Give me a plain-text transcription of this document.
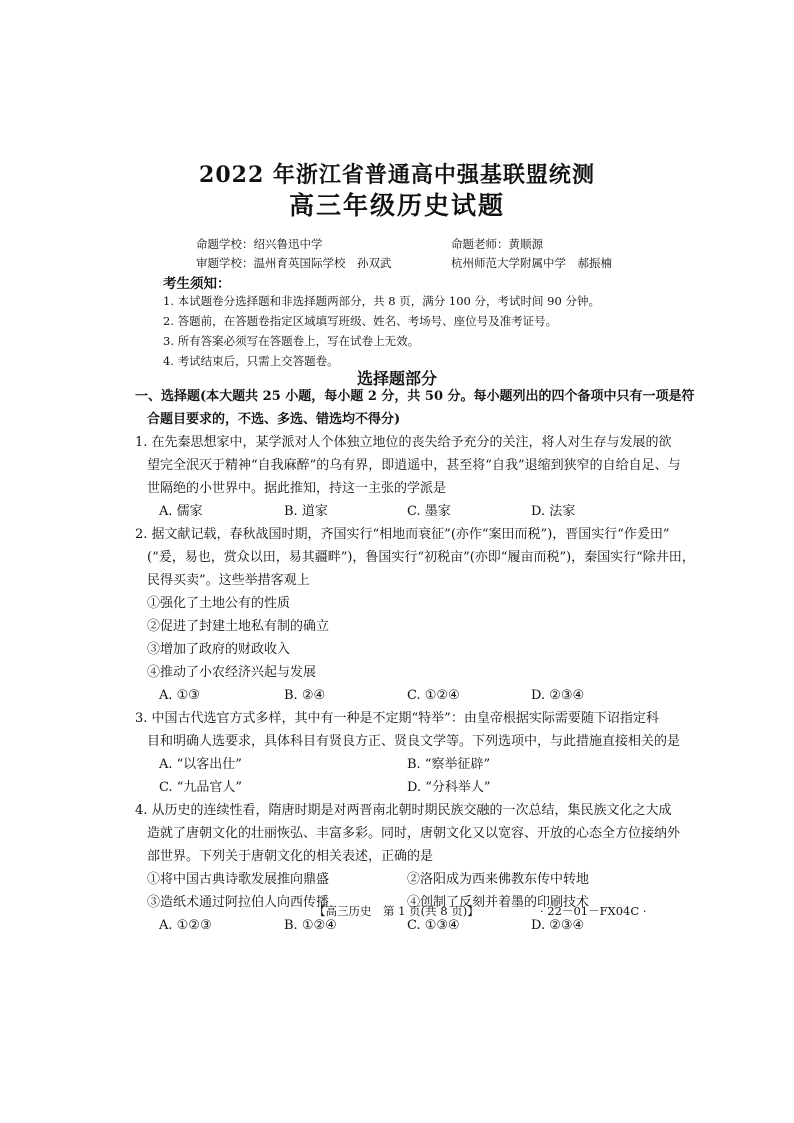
2022 年浙江省普通高中强基联盟统测
高三年级历史试题
命题学校：绍兴鲁迅中学	命题老师：黄顺源
审题学校：温州育英国际学校　孙双武	杭州师范大学附属中学　郝振楠
考生须知：
1. 本试题卷分选择题和非选择题两部分，共 8 页，满分 100 分，考试时间 90 分钟。
2. 答题前，在答题卷指定区域填写班级、姓名、考场号、座位号及准考证号。
3. 所有答案必须写在答题卷上，写在试卷上无效。
4. 考试结束后，只需上交答题卷。
选择题部分
一、选择题(本大题共 25 小题，每小题 2 分，共 50 分。每小题列出的四个备项中只有一项是符
合题目要求的，不选、多选、错选均不得分)
1. 在先秦思想家中，某学派对人个体独立地位的丧失给予充分的关注，将人对生存与发展的欲
望完全泯灭于精神“自我麻醉”的乌有界，即逍遥中，甚至将“自我”退缩到狭窄的自给自足、与
世隔绝的小世界中。据此推知，持这一主张的学派是
A. 儒家	B. 道家	C. 墨家	D. 法家
2. 据文献记载，春秋战国时期，齐国实行“相地而衰征”(亦作“案田而税”)，晋国实行“作爰田”
(“爰，易也，赏众以田，易其疆畔”)，鲁国实行“初税亩”(亦即“履亩而税”)，秦国实行“除井田，
民得买卖”。这些举措客观上
①强化了土地公有的性质
②促进了封建土地私有制的确立
③增加了政府的财政收入
④推动了小农经济兴起与发展
A. ①③	B. ②④	C. ①②④	D. ②③④
3. 中国古代选官方式多样，其中有一种是不定期“特举”：由皇帝根据实际需要随下诏指定科
目和明确人选要求，具体科目有贤良方正、贤良文学等。下列选项中，与此措施直接相关的是
A. “以客出仕”	B. “察举征辟”
C. “九品官人”	D. “分科举人”
4. 从历史的连续性看，隋唐时期是对两晋南北朝时期民族交融的一次总结，集民族文化之大成
造就了唐朝文化的壮丽恢弘、丰富多彩。同时，唐朝文化又以宽容、开放的心态全方位接纳外
部世界。下列关于唐朝文化的相关表述，正确的是
①将中国古典诗歌发展推向鼎盛	②洛阳成为西来佛教东传中转地
③造纸术通过阿拉伯人向西传播	④创制了反刻并着墨的印刷技术
A. ①②③	B. ①②④	C. ①③④	D. ②③④
【高三历史　第 1 页(共 8 页)】	· 22－01－FX04C ·
